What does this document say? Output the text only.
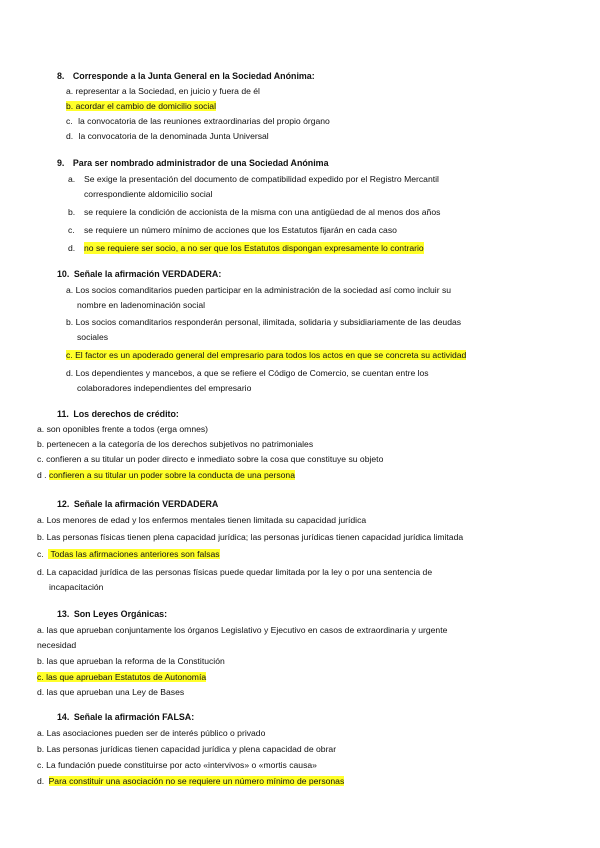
8. Corresponde a la Junta General en la Sociedad Anónima:
a. representar a la Sociedad, en juicio y fuera de él
b. acordar el cambio de domicilio social
c. la convocatoria de las reuniones extraordinarias del propio órgano
d. la convocatoria de la denominada Junta Universal
9. Para ser nombrado administrador de una Sociedad Anónima
a. Se exige la presentación del documento de compatibilidad expedido por el Registro Mercantil
correspondiente aldomicilio social
b. se requiere la condición de accionista de la misma con una antigüedad de al menos dos años
c. se requiere un número mínimo de acciones que los Estatutos fijarán en cada caso
d. no se requiere ser socio, a no ser que los Estatutos dispongan expresamente lo contrario
10. Señale la afirmación VERDADERA:
a. Los socios comanditarios pueden participar en la administración de la sociedad así como incluir su
nombre en ladenominación social
b. Los socios comanditarios responderán personal, ilimitada, solidaria y subsidiariamente de las deudas
sociales
c. El factor es un apoderado general del empresario para todos los actos en que se concreta su actividad
d. Los dependientes y mancebos, a que se refiere el Código de Comercio, se cuentan entre los
colaboradores independientes del empresario
11. Los derechos de crédito:
a. son oponibles frente a todos (erga omnes)
b. pertenecen a la categoría de los derechos subjetivos no patrimoniales
c. confieren a su titular un poder directo e inmediato sobre la cosa que constituye su objeto
d . confieren a su titular un poder sobre la conducta de una persona
12. Señale la afirmación VERDADERA
a. Los menores de edad y los enfermos mentales tienen limitada su capacidad jurídica
b. Las personas físicas tienen plena capacidad jurídica; las personas jurídicas tienen capacidad jurídica limitada
c. Todas las afirmaciones anteriores son falsas
d. La capacidad jurídica de las personas físicas puede quedar limitada por la ley o por una sentencia de
incapacitación
13. Son Leyes Orgánicas:
a. las que aprueban conjuntamente los órganos Legislativo y Ejecutivo en casos de extraordinaria y urgente
necesidad
b. las que aprueban la reforma de la Constitución
c. las que aprueban Estatutos de Autonomía
d. las que aprueban una Ley de Bases
14. Señale la afirmación FALSA:
a. Las asociaciones pueden ser de interés público o privado
b. Las personas jurídicas tienen capacidad jurídica y plena capacidad de obrar
c. La fundación puede constituirse por acto «intervivos» o «mortis causa»
d. Para constituir una asociación no se requiere un número mínimo de personas
